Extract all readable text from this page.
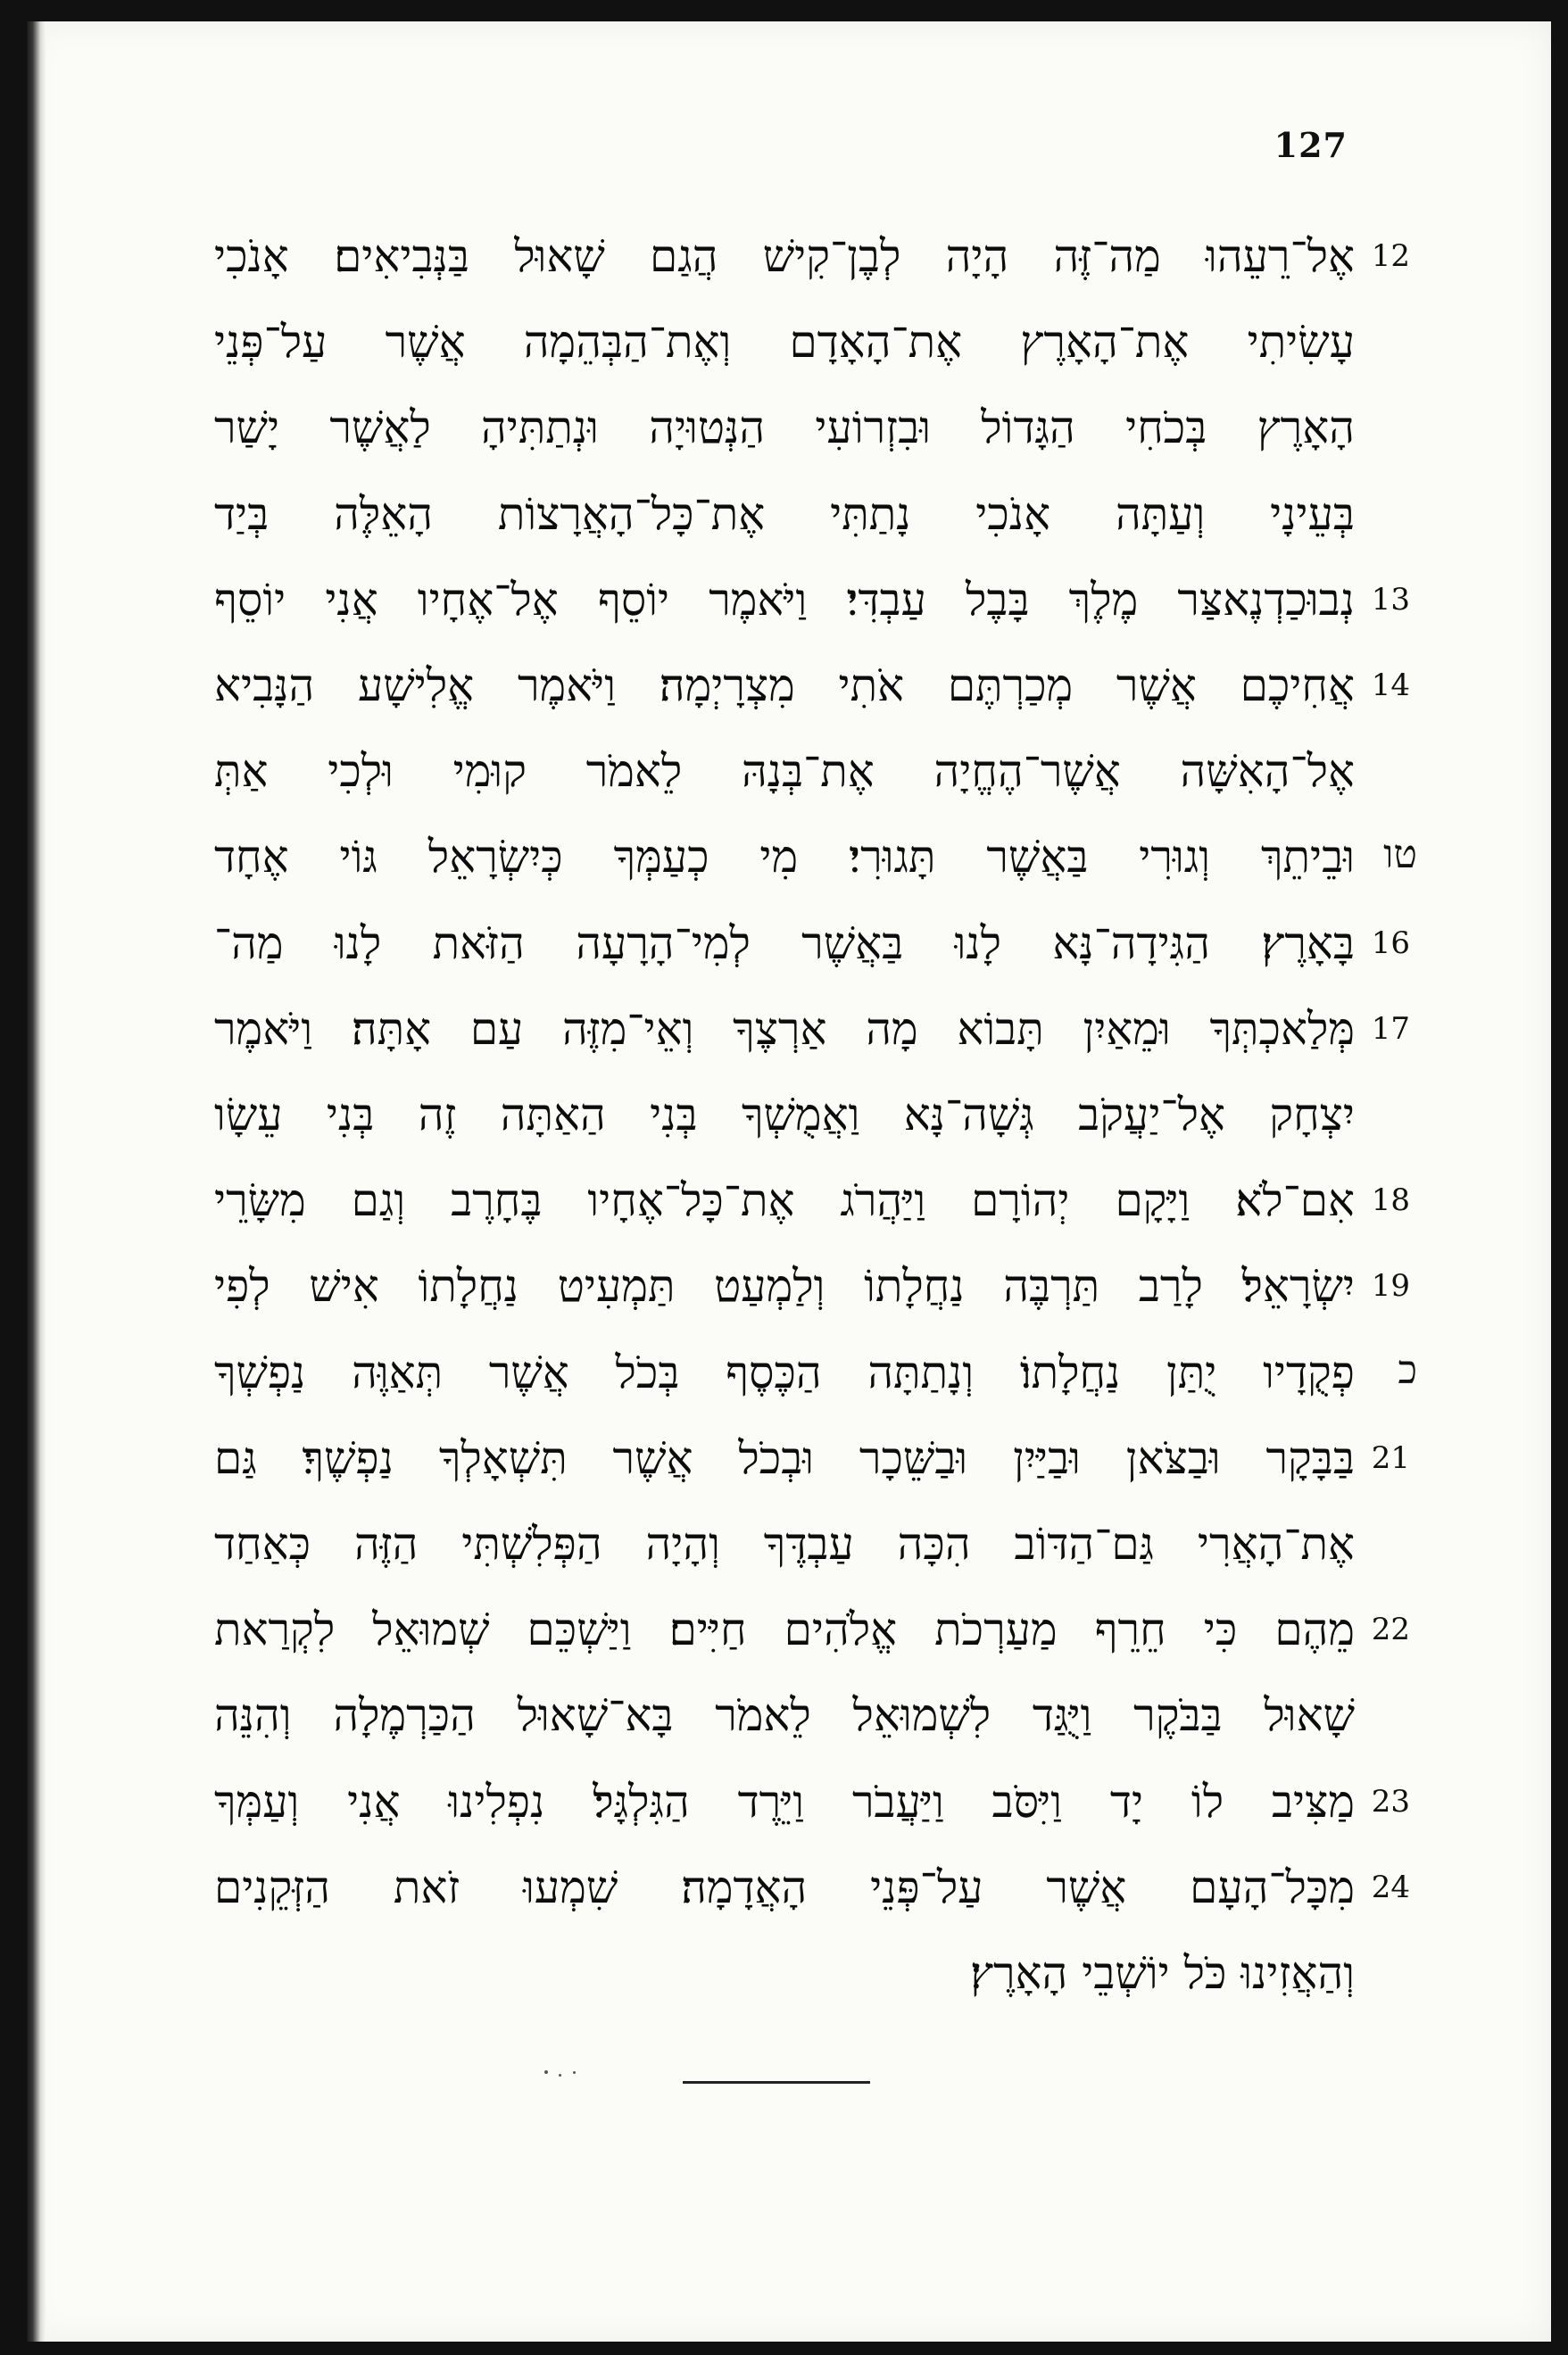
127
אֶל־רֵעֵהוּ מַה־זֶּה הָיָה לְבֶן־קִישׁ הֲגַם שָׁאוּל בַּנְּבִיאִים׃ אָנֹכִי 12
עָשִׂיתִי אֶת־הָאָרֶץ אֶת־הָאָדָם וְאֶת־הַבְּהֵמָה אֲשֶׁר עַל־פְּנֵי
הָאָרֶץ בְּכֹחִי הַגָּדוֹל וּבִזְרוֹעִי הַנְּטוּיָה וּנְתַתִּיהָ לַאֲשֶׁר יָשַׁר
בְּעֵינָי וְעַתָּה אָנֹכִי נָתַתִּי אֶת־כָּל־הָאֲרָצוֹת הָאֵלֶּה בְּיַד
נְבוּכַדְנֶאצַּר מֶלֶךְ בָּבֶל עַבְדִּי׃ וַיֹּאמֶר יוֹסֵף אֶל־אֶחָיו אֲנִי יוֹסֵף 13
אֲחִיכֶם אֲשֶׁר מְכַרְתֶּם אֹתִי מִצְרָיְמָה׃ וַיֹּאמֶר אֱלִישָׁע הַנָּבִיא 14
אֶל־הָאִשָּׁה אֲשֶׁר־הֶחֱיָה אֶת־בְּנָהּ לֵאמֹר קוּמִי וּלְכִי אַתְּ
וּבֵיתֵךְ וְגוּרִי בַּאֲשֶׁר תָּגוּרִי׃ מִי כְעַמְּךָ כְּיִשְׂרָאֵל גּוֹי אֶחָד טו
בָּאָרֶץ׃ הַגִּידָה־נָּא לָנוּ בַּאֲשֶׁר לְמִי־הָרָעָה הַזֹּאת לָנוּ מַה־ 16
מְּלַאכְתְּךָ וּמֵאַיִן תָּבוֹא מָה אַרְצֶךָ וְאֵי־מִזֶּה עַם אָתָּה׃ וַיֹּאמֶר 17
יִצְחָק אֶל־יַעֲקֹב גְּשָׁה־נָּא וַאֲמֻשְׁךָ בְּנִי הַאַתָּה זֶה בְּנִי עֵשָׂו
אִם־לֹא׃ וַיָּקָם יְהוֹרָם וַיַּהֲרֹג אֶת־כָּל־אֶחָיו בֶּחָרֶב וְגַם מִשָּׂרֵי 18
יִשְׂרָאֵל׃ לָרַב תַּרְבֶּה נַחֲלָתוֹ וְלַמְעַט תַּמְעִיט נַחֲלָתוֹ אִישׁ לְפִי 19
פְקֻדָיו יֻתַּן נַחֲלָתוֹ׃ וְנָתַתָּה הַכֶּסֶף בְּכֹל אֲשֶׁר תְּאַוֶּה נַפְשְׁךָ כ
בַּבָּקָר וּבַצֹּאן וּבַיַּיִן וּבַשֵּׁכָר וּבְכֹל אֲשֶׁר תִּשְׁאָלְךָ נַפְשֶׁךָ׃ גַּם 21
אֶת־הָאֲרִי גַּם־הַדּוֹב הִכָּה עַבְדֶּךָ וְהָיָה הַפְּלִשְׁתִּי הַזֶּה כְּאַחַד
מֵהֶם כִּי חֵרֵף מַעַרְכֹת אֱלֹהִים חַיִּים׃ וַיַּשְׁכֵּם שְׁמוּאֵל לִקְרַאת 22
שָׁאוּל בַּבֹּקֶר וַיֻּגַּד לִשְׁמוּאֵל לֵאמֹר בָּא־שָׁאוּל הַכַּרְמֶלָה וְהִנֵּה
מַצִּיב לוֹ יָד וַיִּסֹּב וַיַּעֲבֹר וַיֵּרֶד הַגִּלְגָּל׃ נִפְלִינוּ אֲנִי וְעַמְּךָ 23
מִכָּל־הָעָם אֲשֶׁר עַל־פְּנֵי הָאֲדָמָה׃ שִׁמְעוּ זֹאת הַזְּקֵנִים 24
וְהַאֲזִינוּ כֹּל יוֹשְׁבֵי הָאָרֶץ׃
